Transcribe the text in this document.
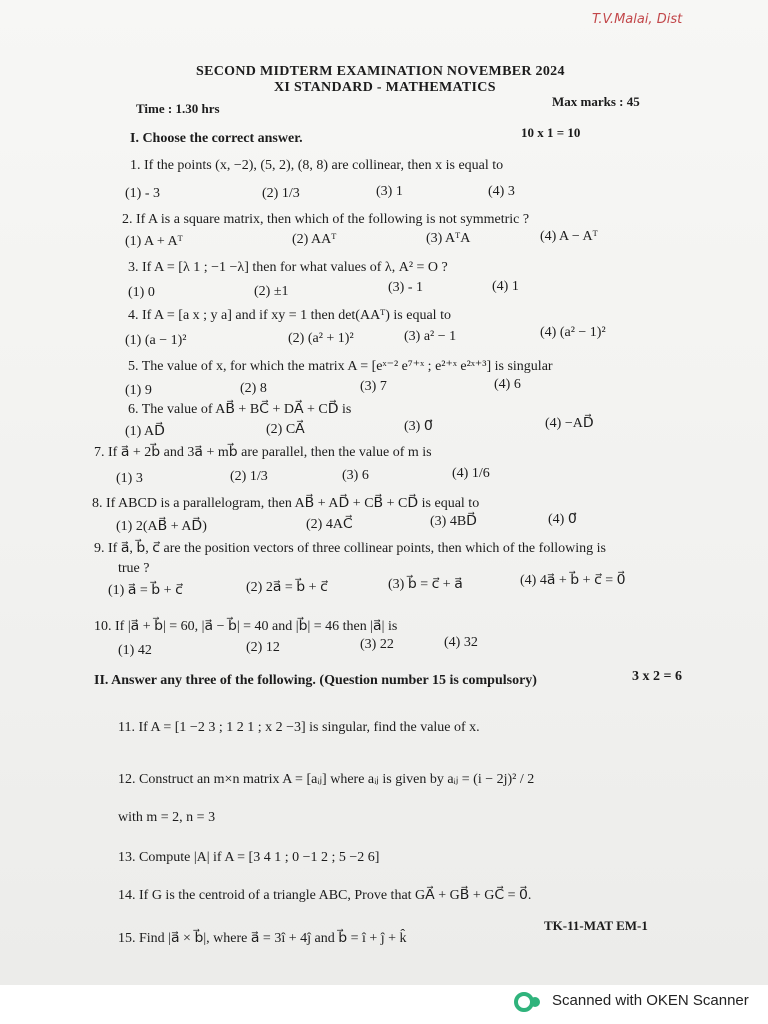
T.V.Malai, Dist
SECOND MIDTERM EXAMINATION NOVEMBER 2024
XI STANDARD - MATHEMATICS
Time : 1.30 hrs	Max marks : 45
I. Choose the correct answer.	10 x 1 = 10
1. If the points (x, −2), (5, 2), (8, 8) are collinear, then x is equal to
(1) - 3	(2) 1/3	(3) 1	(4) 3
2. If A is a square matrix, then which of the following is not symmetric ?
(1) A + Aᵀ	(2) AAᵀ	(3) AᵀA	(4) A − Aᵀ
3. If A = [λ 1 ; −1 −λ] then for what values of λ, A² = O ?
(1) 0	(2) ±1	(3) - 1	(4) 1
4. If A = [a x ; y a] and if xy = 1 then det(AAᵀ) is equal to
(1) (a − 1)²	(2) (a² + 1)²	(3) a² − 1	(4) (a² − 1)²
5. The value of x, for which the matrix A = [eˣ⁻² e⁷⁺ˣ ; e²⁺ˣ e²ˣ⁺³] is singular
(1) 9	(2) 8	(3) 7	(4) 6
6. The value of AB⃗ + BC⃗ + DA⃗ + CD⃗ is
(1) AD⃗	(2) CA⃗	(3) 0⃗	(4) −AD⃗
7. If a⃗ + 2b⃗ and 3a⃗ + mb⃗ are parallel, then the value of m is
(1) 3	(2) 1/3	(3) 6	(4) 1/6
8. If ABCD is a parallelogram, then AB⃗ + AD⃗ + CB⃗ + CD⃗ is equal to
(1) 2(AB⃗ + AD⃗)	(2) 4AC⃗	(3) 4BD⃗	(4) 0⃗
9. If a⃗, b⃗, c⃗ are the position vectors of three collinear points, then which of the following is
true ?
(1) a⃗ = b⃗ + c⃗	(2) 2a⃗ = b⃗ + c⃗	(3) b⃗ = c⃗ + a⃗	(4) 4a⃗ + b⃗ + c⃗ = 0⃗
10. If |a⃗ + b⃗| = 60, |a⃗ − b⃗| = 40 and |b⃗| = 46 then |a⃗| is
(1) 42	(2) 12	(3) 22	(4) 32
II. Answer any three of the following. (Question number 15 is compulsory)	3 x 2 = 6
11. If A = [1 −2 3 ; 1 2 1 ; x 2 −3] is singular, find the value of x.
12. Construct an m×n matrix A = [aᵢⱼ] where aᵢⱼ is given by aᵢⱼ = (i − 2j)² / 2
with m = 2, n = 3
13. Compute |A| if A = [3 4 1 ; 0 −1 2 ; 5 −2 6]
14. If G is the centroid of a triangle ABC, Prove that GA⃗ + GB⃗ + GC⃗ = 0⃗.
15. Find |a⃗ × b⃗|, where a⃗ = 3î + 4ĵ and b⃗ = î + ĵ + k̂
TK-11-MAT EM-1
Scanned with OKEN Scanner
